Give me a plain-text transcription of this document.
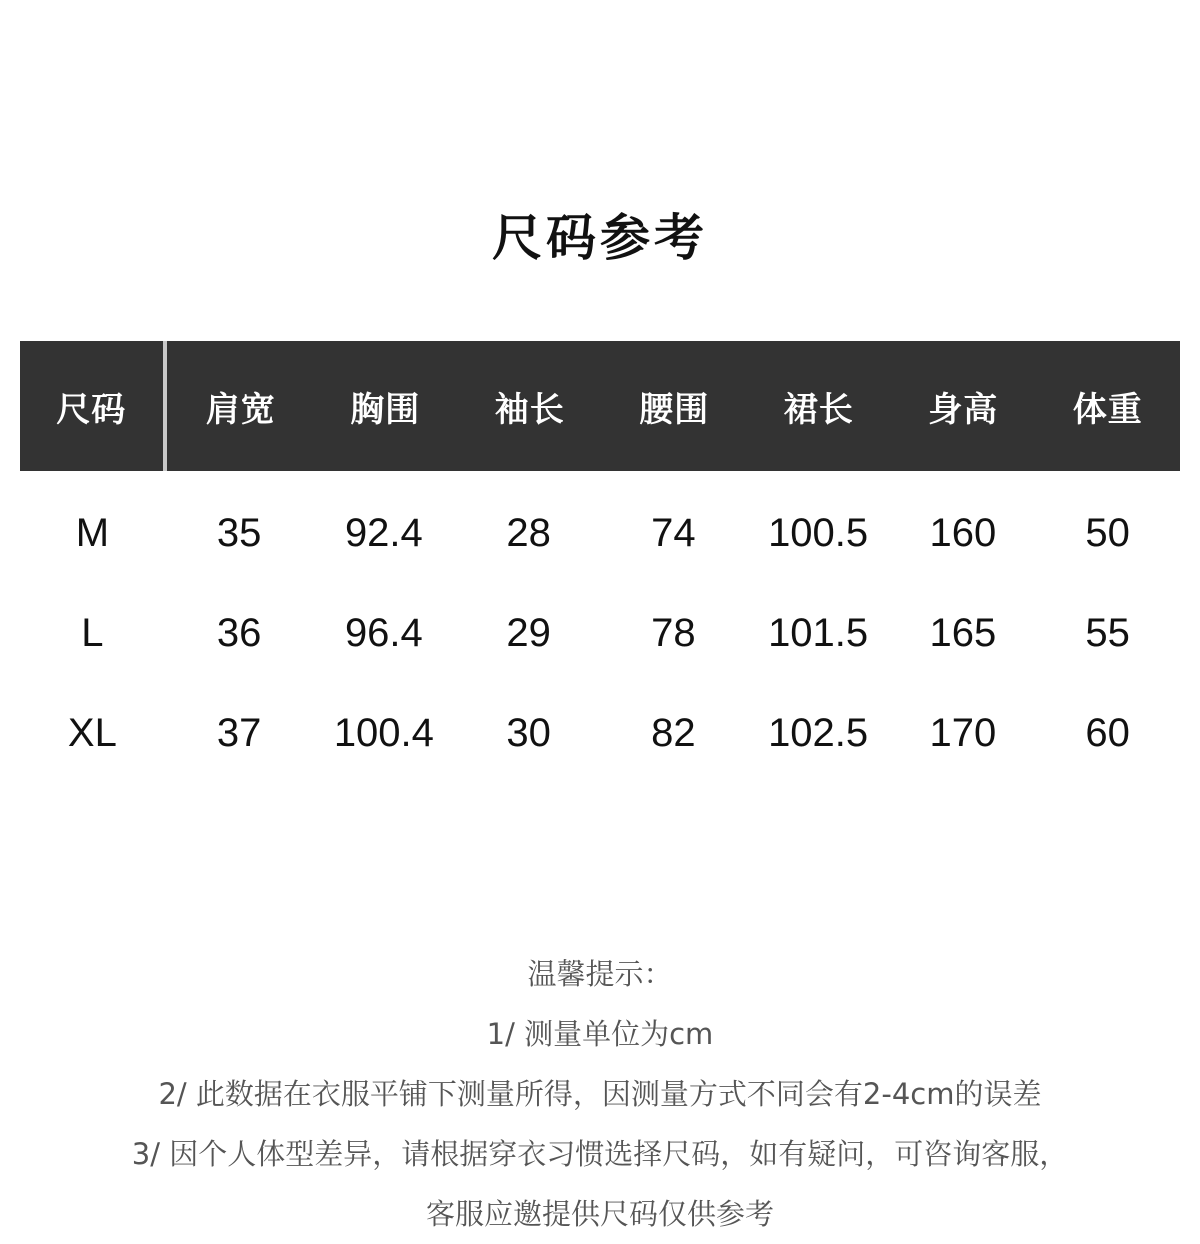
尺码参考
尺码	肩宽	胸围	袖长	腰围	裙长	身高	体重
M	35	92.4	28	74	100.5	160	50
L	36	96.4	29	78	101.5	165	55
XL	37	100.4	30	82	102.5	170	60
温馨提示：
1/ 测量单位为cm
2/ 此数据在衣服平铺下测量所得，因测量方式不同会有2-4cm的误差
3/ 因个人体型差异，请根据穿衣习惯选择尺码，如有疑问，可咨询客服，
客服应邀提供尺码仅供参考
